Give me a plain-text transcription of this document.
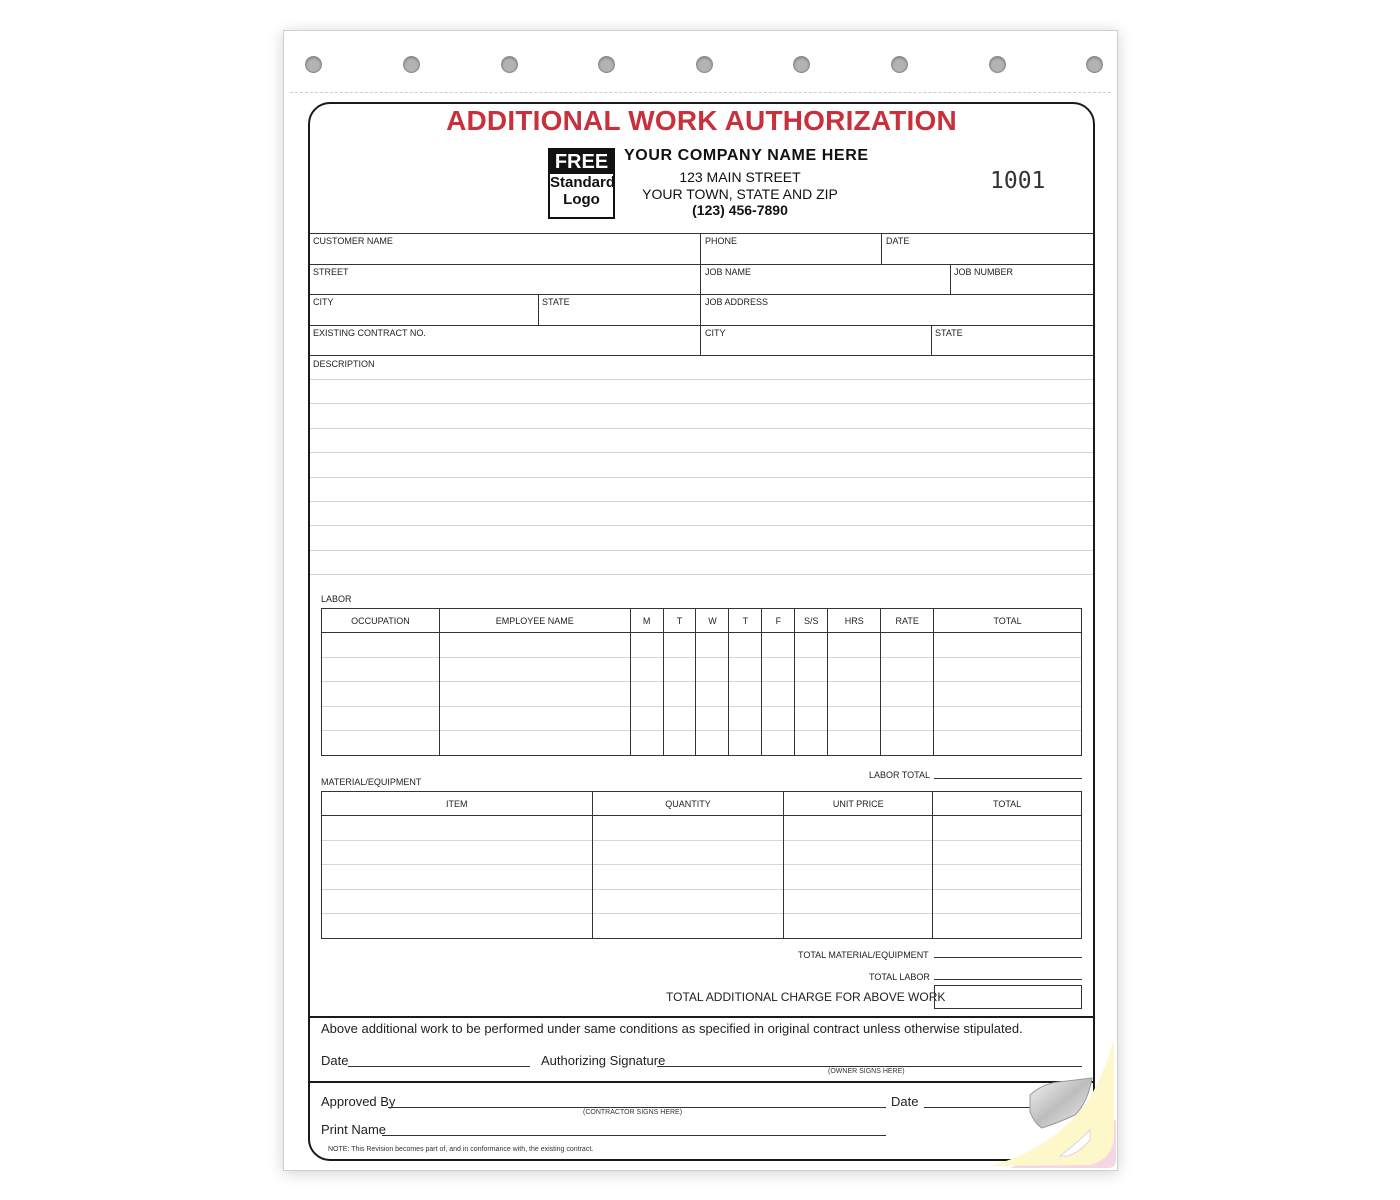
ADDITIONAL WORK AUTHORIZATION
FREE
Standard
Logo
YOUR COMPANY NAME HERE
123 MAIN STREET
YOUR TOWN, STATE AND ZIP
(123) 456-7890
1001
CUSTOMER NAME	PHONE	DATE
STREET	JOB NAME	JOB NUMBER
CITY	STATE	JOB ADDRESS
EXISTING CONTRACT NO.	CITY	STATE
DESCRIPTION
LABOR
OCCUPATION	EMPLOYEE NAME	M	T	W	T	F	S/S	HRS	RATE	TOTAL

LABOR TOTAL
MATERIAL/EQUIPMENT
ITEM	QUANTITY	UNIT PRICE	TOTAL

TOTAL MATERIAL/EQUIPMENT
TOTAL LABOR
TOTAL ADDITIONAL CHARGE FOR ABOVE WORK
Above additional work to be performed under same conditions as specified in original contract unless otherwise stipulated.
Date	Authorizing Signature
(OWNER SIGNS HERE)
Approved By
(CONTRACTOR SIGNS HERE)
Date
Print Name
NOTE: This Revision becomes part of, and in conformance with, the existing contract.
